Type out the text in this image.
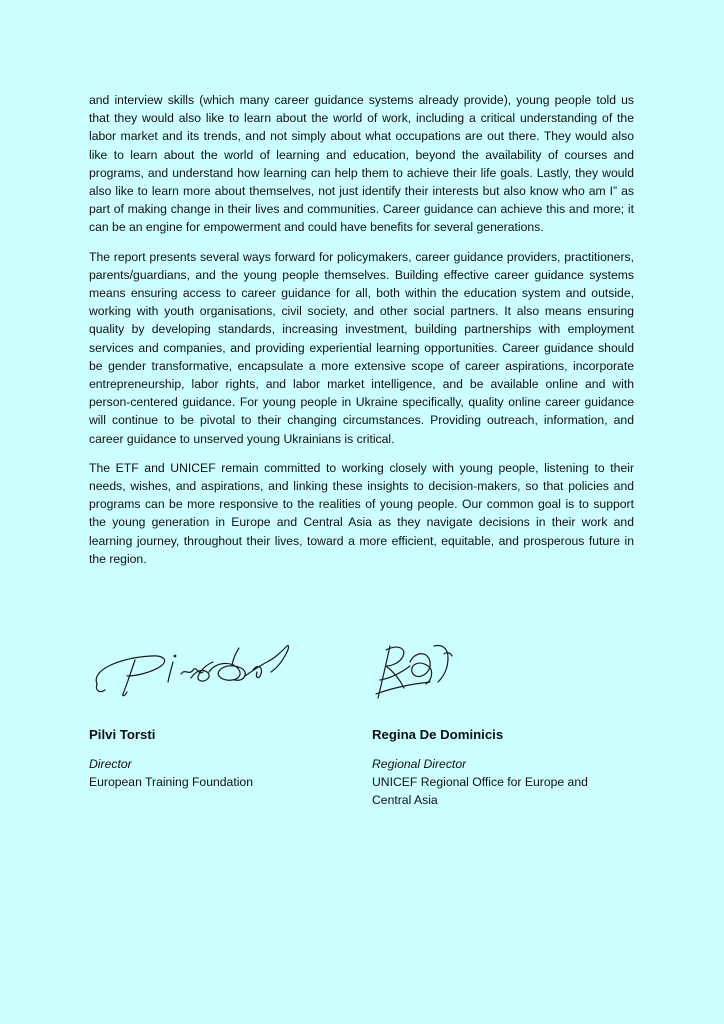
and interview skills (which many career guidance systems already provide), young people told us that they would also like to learn about the world of work, including a critical understanding of the labor market and its trends, and not simply about what occupations are out there. They would also like to learn about the world of learning and education, beyond the availability of courses and programs, and understand how learning can help them to achieve their life goals. Lastly, they would also like to learn more about themselves, not just identify their interests but also know who am I” as part of making change in their lives and communities. Career guidance can achieve this and more; it can be an engine for empowerment and could have benefits for several generations.

The report presents several ways forward for policymakers, career guidance providers, practitioners, parents/guardians, and the young people themselves. Building effective career guidance systems means ensuring access to career guidance for all, both within the education system and outside, working with youth organisations, civil society, and other social partners. It also means ensuring quality by developing standards, increasing investment, building partnerships with employment services and companies, and providing experiential learning opportunities. Career guidance should be gender transformative, encapsulate a more extensive scope of career aspirations, incorporate entrepreneurship, labor rights, and labor market intelligence, and be available online and with person-centered guidance. For young people in Ukraine specifically, quality online career guidance will continue to be pivotal to their changing circumstances. Providing outreach, information, and career guidance to unserved young Ukrainians is critical.

The ETF and UNICEF remain committed to working closely with young people, listening to their needs, wishes, and aspirations, and linking these insights to decision-makers, so that policies and programs can be more responsive to the realities of young people. Our common goal is to support the young generation in Europe and Central Asia as they navigate decisions in their work and learning journey, throughout their lives, toward a more efficient, equitable, and prosperous future in the region.

Pilvi Torsti
Director
European Training Foundation
Regina De Dominicis
Regional Director
UNICEF Regional Office for Europe and Central Asia
